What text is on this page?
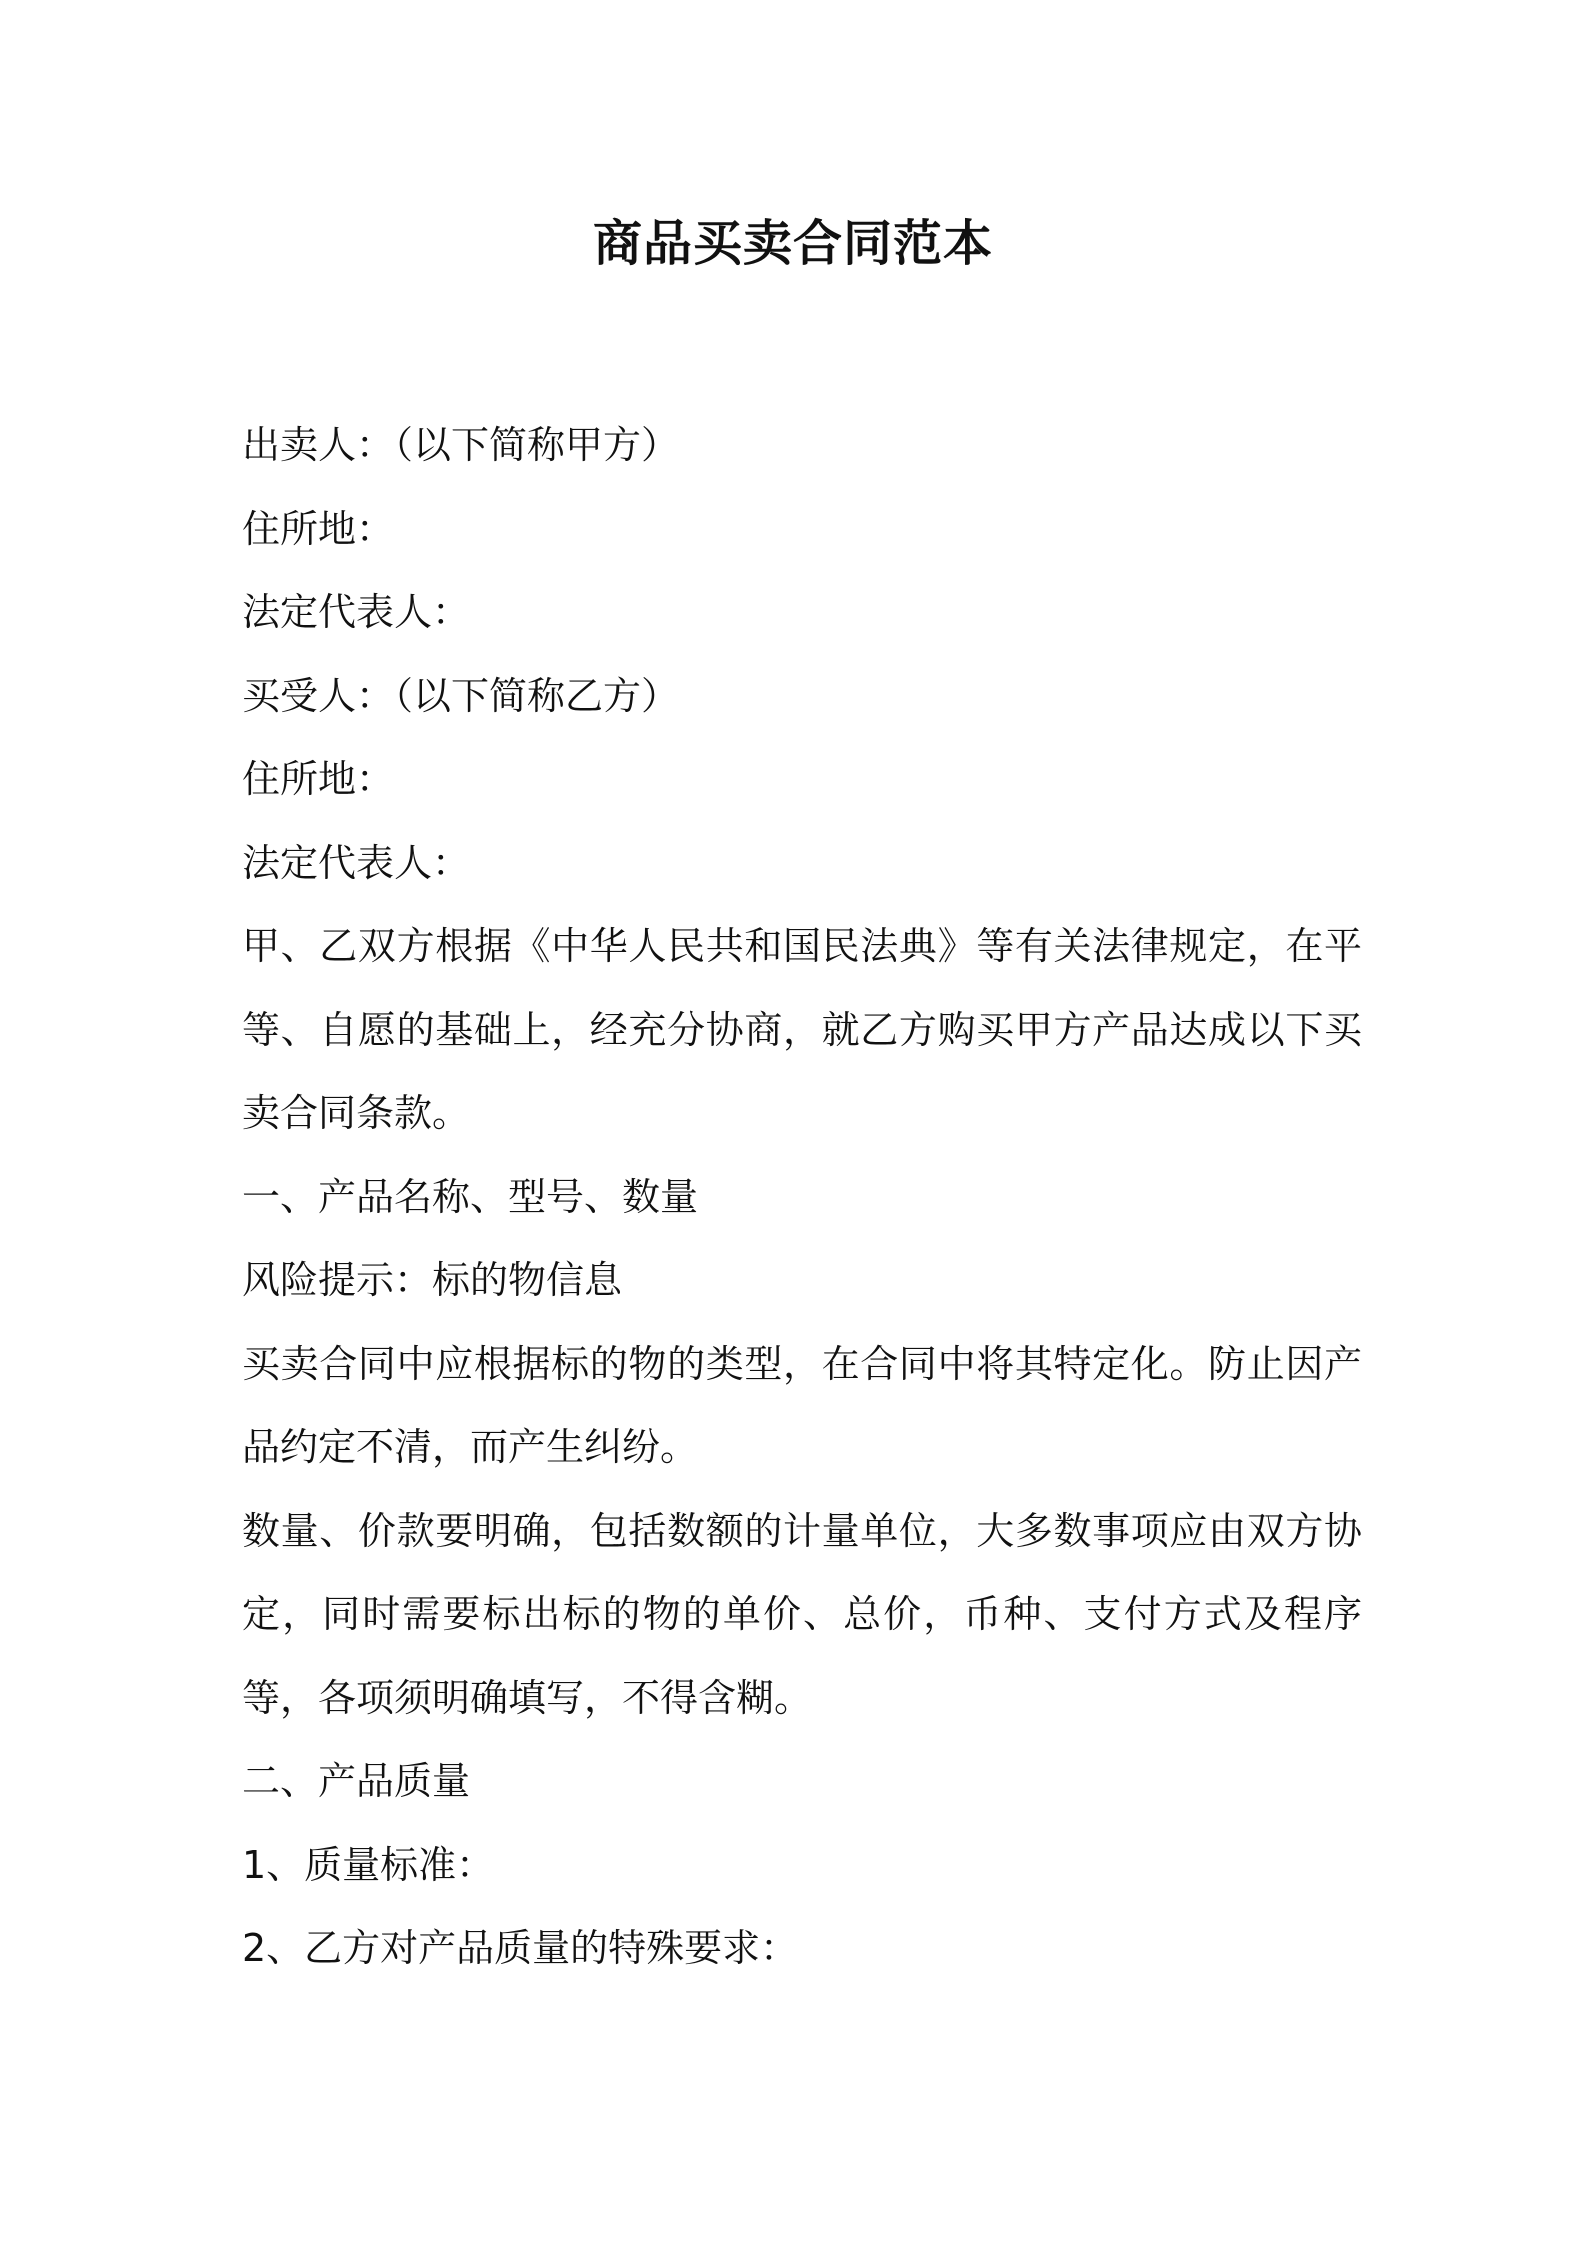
商品买卖合同范本
出卖人：（以下简称甲方）
住所地：
法定代表人：
买受人：（以下简称乙方）
住所地：
法定代表人：
甲、乙双方根据《中华人民共和国民法典》等有关法律规定，在平等、自愿的基础上，经充分协商，就乙方购买甲方产品达成以下买卖合同条款。
一、产品名称、型号、数量
风险提示：标的物信息
买卖合同中应根据标的物的类型，在合同中将其特定化。防止因产品约定不清，而产生纠纷。
数量、价款要明确，包括数额的计量单位，大多数事项应由双方协定，同时需要标出标的物的单价、总价，币种、支付方式及程序等，各项须明确填写，不得含糊。
二、产品质量
1、质量标准：
2、乙方对产品质量的特殊要求：
